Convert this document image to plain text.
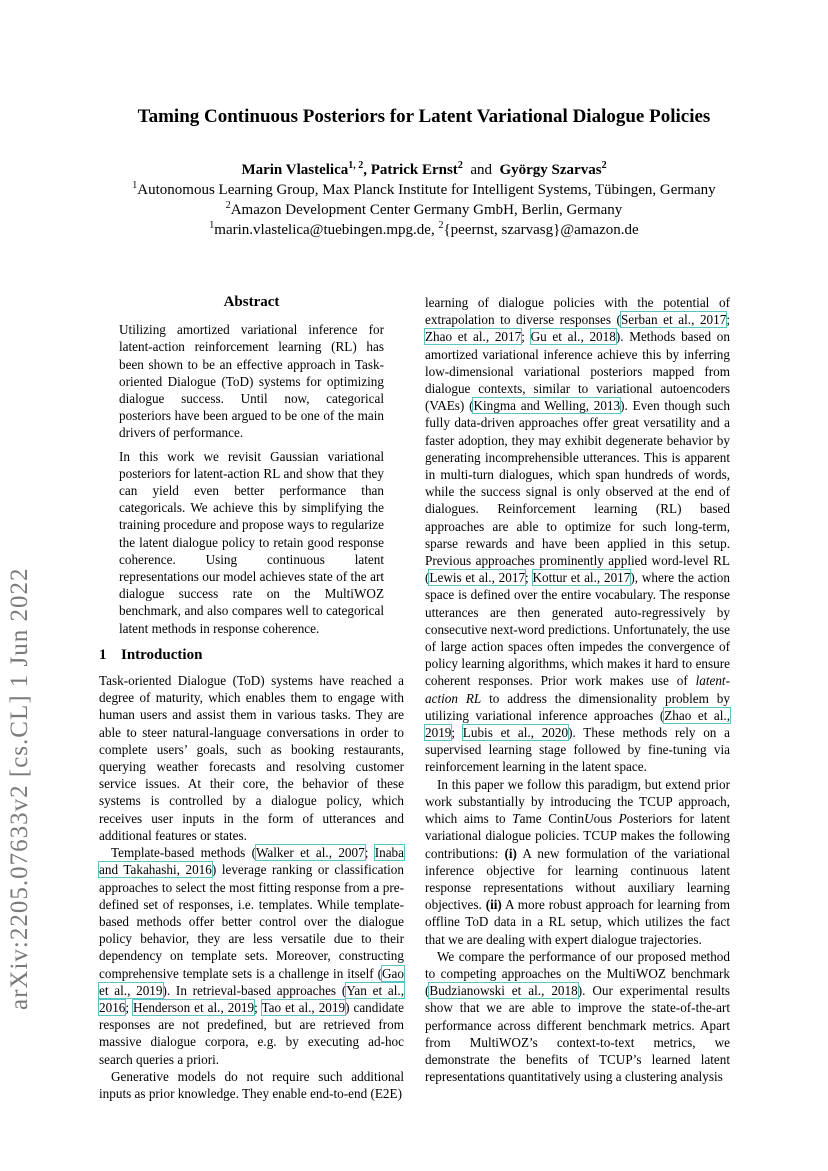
arXiv:2205.07633v2 [cs.CL] 1 Jun 2022
Taming Continuous Posteriors for Latent Variational Dialogue Policies
Marin Vlastelica$^{1, 2}$, Patrick Ernst$^2$ and György Szarvas$^2$
$^1$Autonomous Learning Group, Max Planck Institute for Intelligent Systems, Tübingen, Germany
$^2$Amazon Development Center Germany GmbH, Berlin, Germany
$^1$marin.vlastelica@tuebingen.mpg.de, $^2${peernst, szarvasg}@amazon.de
Abstract

Utilizing amortized variational inference for latent-action reinforcement learning (RL) has been shown to be an effective approach in Task-oriented Dialogue (ToD) systems for optimizing dialogue success. Until now, categorical posteriors have been argued to be one of the main drivers of performance.

In this work we revisit Gaussian variational posteriors for latent-action RL and show that they can yield even better performance than categoricals. We achieve this by simplifying the training procedure and propose ways to regularize the latent dialogue policy to retain good response coherence. Using continuous latent representations our model achieves state of the art dialogue success rate on the MultiWOZ benchmark, and also compares well to categorical latent methods in response coherence.

1 Introduction

Task-oriented Dialogue (ToD) systems have reached a degree of maturity, which enables them to engage with human users and assist them in various tasks. They are able to steer natural-language conversations in order to complete users’ goals, such as booking restaurants, querying weather forecasts and resolving customer service issues. At their core, the behavior of these systems is controlled by a dialogue policy, which receives user inputs in the form of utterances and additional features or states.

Template-based methods (Walker et al., 2007; Inaba and Takahashi, 2016) leverage ranking or classification approaches to select the most fitting response from a pre-defined set of responses, i.e. templates. While template-based methods offer better control over the dialogue policy behavior, they are less versatile due to their dependency on template sets. Moreover, constructing comprehensive template sets is a challenge in itself (Gao et al., 2019). In retrieval-based approaches (Yan et al., 2016; Henderson et al., 2019; Tao et al., 2019) candidate responses are not predefined, but are retrieved from massive dialogue corpora, e.g. by executing ad-hoc search queries a priori.

Generative models do not require such additional inputs as prior knowledge. They enable end-to-end (E2E)

learning of dialogue policies with the potential of extrapolation to diverse responses (Serban et al., 2017; Zhao et al., 2017; Gu et al., 2018). Methods based on amortized variational inference achieve this by inferring low-dimensional variational posteriors mapped from dialogue contexts, similar to variational autoencoders (VAEs) (Kingma and Welling, 2013). Even though such fully data-driven approaches offer great versatility and a faster adoption, they may exhibit degenerate behavior by generating incomprehensible utterances. This is apparent in multi-turn dialogues, which span hundreds of words, while the success signal is only observed at the end of dialogues. Reinforcement learning (RL) based approaches are able to optimize for such long-term, sparse rewards and have been applied in this setup. Previous approaches prominently applied word-level RL (Lewis et al., 2017; Kottur et al., 2017), where the action space is defined over the entire vocabulary. The response utterances are then generated auto-regressively by consecutive next-word predictions. Unfortunately, the use of large action spaces often impedes the convergence of policy learning algorithms, which makes it hard to ensure coherent responses. Prior work makes use of latent-action RL to address the dimensionality problem by utilizing variational inference approaches (Zhao et al., 2019; Lubis et al., 2020). These methods rely on a supervised learning stage followed by fine-tuning via reinforcement learning in the latent space.

In this paper we follow this paradigm, but extend prior work substantially by introducing the TCUP approach, which aims to Tame ContinUous Posteriors for latent variational dialogue policies. TCUP makes the following contributions: (i) A new formulation of the variational inference objective for learning continuous latent response representations without auxiliary learning objectives. (ii) A more robust approach for learning from offline ToD data in a RL setup, which utilizes the fact that we are dealing with expert dialogue trajectories.

We compare the performance of our proposed method to competing approaches on the MultiWOZ benchmark (Budzianowski et al., 2018). Our experimental results show that we are able to improve the state-of-the-art performance across different benchmark metrics. Apart from MultiWOZ’s context-to-text metrics, we demonstrate the benefits of TCUP’s learned latent representations quantitatively using a clustering analysis
